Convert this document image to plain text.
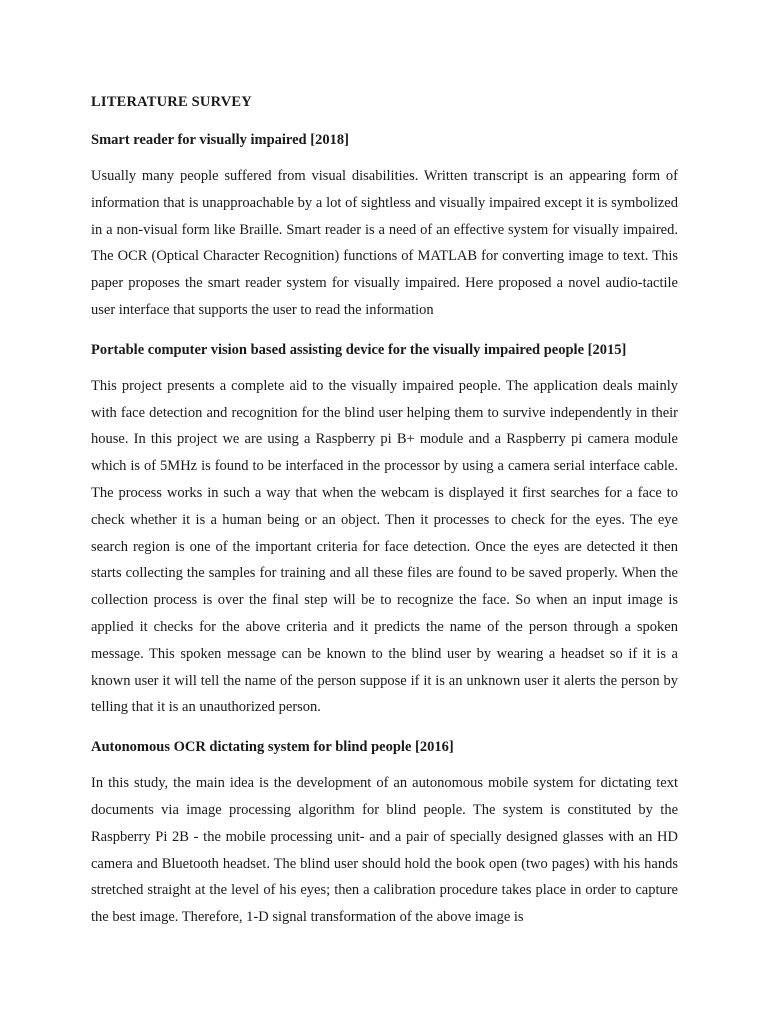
LITERATURE SURVEY
Smart reader for visually impaired [2018]

Usually many people suffered from visual disabilities. Written transcript is an appearing form of information that is unapproachable by a lot of sightless and visually impaired except it is symbolized in a non-visual form like Braille. Smart reader is a need of an effective system for visually impaired. The OCR (Optical Character Recognition) functions of MATLAB for converting image to text. This paper proposes the smart reader system for visually impaired. Here proposed a novel audio-tactile user interface that supports the user to read the information

Portable computer vision based assisting device for the visually impaired people [2015]

This project presents a complete aid to the visually impaired people. The application deals mainly with face detection and recognition for the blind user helping them to survive independently in their house. In this project we are using a Raspberry pi B+ module and a Raspberry pi camera module which is of 5MHz is found to be interfaced in the processor by using a camera serial interface cable. The process works in such a way that when the webcam is displayed it first searches for a face to check whether it is a human being or an object. Then it processes to check for the eyes. The eye search region is one of the important criteria for face detection. Once the eyes are detected it then starts collecting the samples for training and all these files are found to be saved properly. When the collection process is over the final step will be to recognize the face. So when an input image is applied it checks for the above criteria and it predicts the name of the person through a spoken message. This spoken message can be known to the blind user by wearing a headset so if it is a known user it will tell the name of the person suppose if it is an unknown user it alerts the person by telling that it is an unauthorized person.

Autonomous OCR dictating system for blind people [2016]

In this study, the main idea is the development of an autonomous mobile system for dictating text documents via image processing algorithm for blind people. The system is constituted by the Raspberry Pi 2B - the mobile processing unit- and a pair of specially designed glasses with an HD camera and Bluetooth headset. The blind user should hold the book open (two pages) with his hands stretched straight at the level of his eyes; then a calibration procedure takes place in order to capture the best image. Therefore, 1-D signal transformation of the above image is
